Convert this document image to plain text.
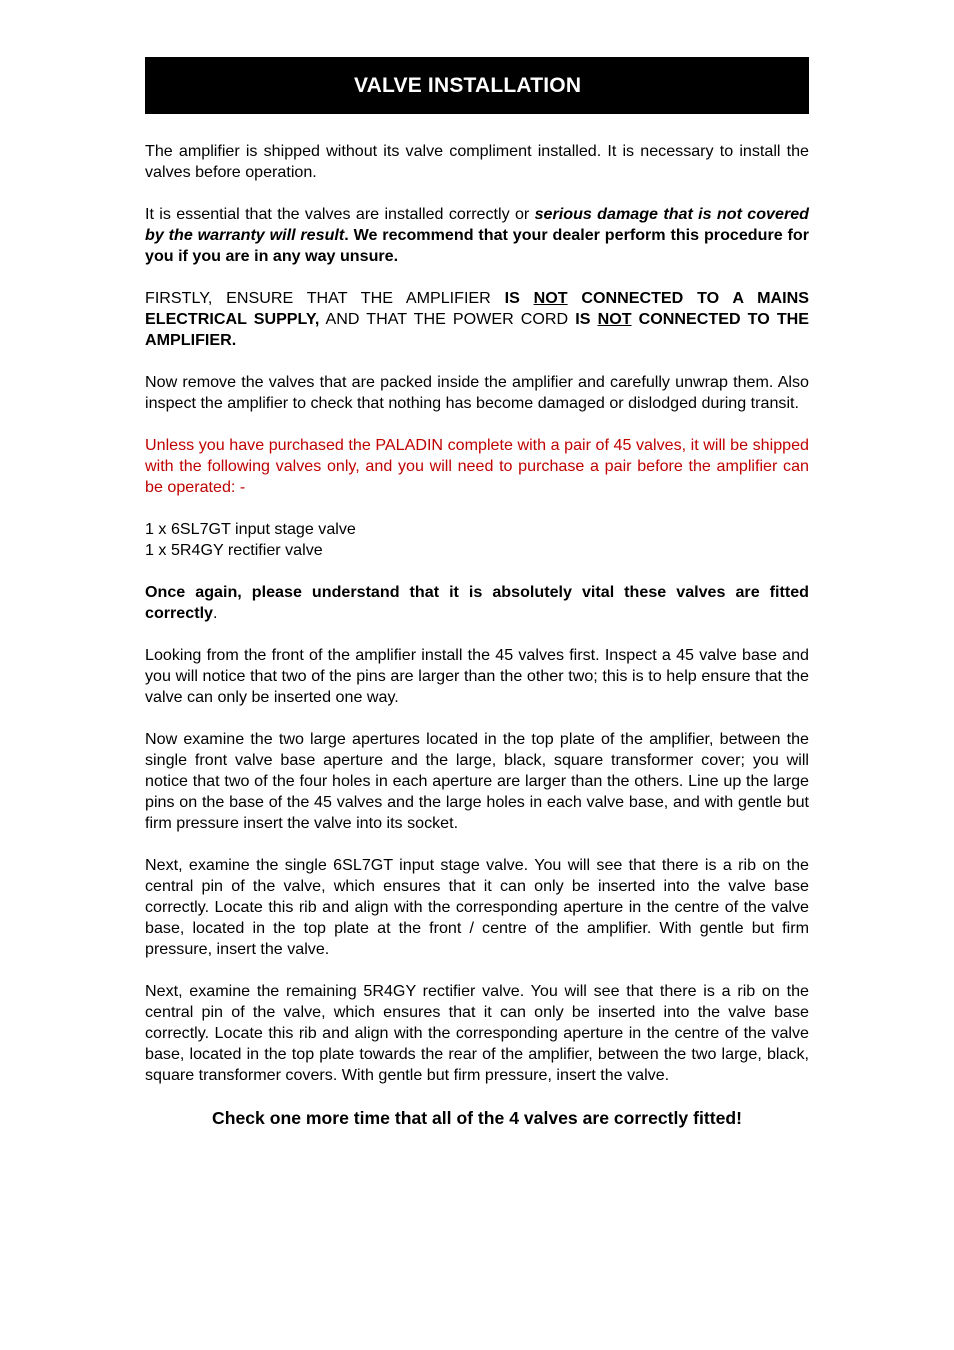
VALVE INSTALLATION

The amplifier is shipped without its valve compliment installed. It is necessary to install the valves before operation.

It is essential that the valves are installed correctly or serious damage that is not covered by the warranty will result. We recommend that your dealer perform this procedure for you if you are in any way unsure.

FIRSTLY, ENSURE THAT THE AMPLIFIER IS NOT CONNECTED TO A MAINS ELECTRICAL SUPPLY, AND THAT THE POWER CORD IS NOT CONNECTED TO THE AMPLIFIER.

Now remove the valves that are packed inside the amplifier and carefully unwrap them. Also inspect the amplifier to check that nothing has become damaged or dislodged during transit.

Unless you have purchased the PALADIN complete with a pair of 45 valves, it will be shipped with the following valves only, and you will need to purchase a pair before the amplifier can be operated: -

1 x 6SL7GT input stage valve

1 x 5R4GY rectifier valve

Once again, please understand that it is absolutely vital these valves are fitted correctly.

Looking from the front of the amplifier install the 45 valves first. Inspect a 45 valve base and you will notice that two of the pins are larger than the other two; this is to help ensure that the valve can only be inserted one way.

Now examine the two large apertures located in the top plate of the amplifier, between the single front valve base aperture and the large, black, square transformer cover; you will notice that two of the four holes in each aperture are larger than the others. Line up the large pins on the base of the 45 valves and the large holes in each valve base, and with gentle but firm pressure insert the valve into its socket.

Next, examine the single 6SL7GT input stage valve. You will see that there is a rib on the central pin of the valve, which ensures that it can only be inserted into the valve base correctly. Locate this rib and align with the corresponding aperture in the centre of the valve base, located in the top plate at the front / centre of the amplifier. With gentle but firm pressure, insert the valve.

Next, examine the remaining 5R4GY rectifier valve. You will see that there is a rib on the central pin of the valve, which ensures that it can only be inserted into the valve base correctly. Locate this rib and align with the corresponding aperture in the centre of the valve base, located in the top plate towards the rear of the amplifier, between the two large, black, square transformer covers. With gentle but firm pressure, insert the valve.

Check one more time that all of the 4 valves are correctly fitted!
